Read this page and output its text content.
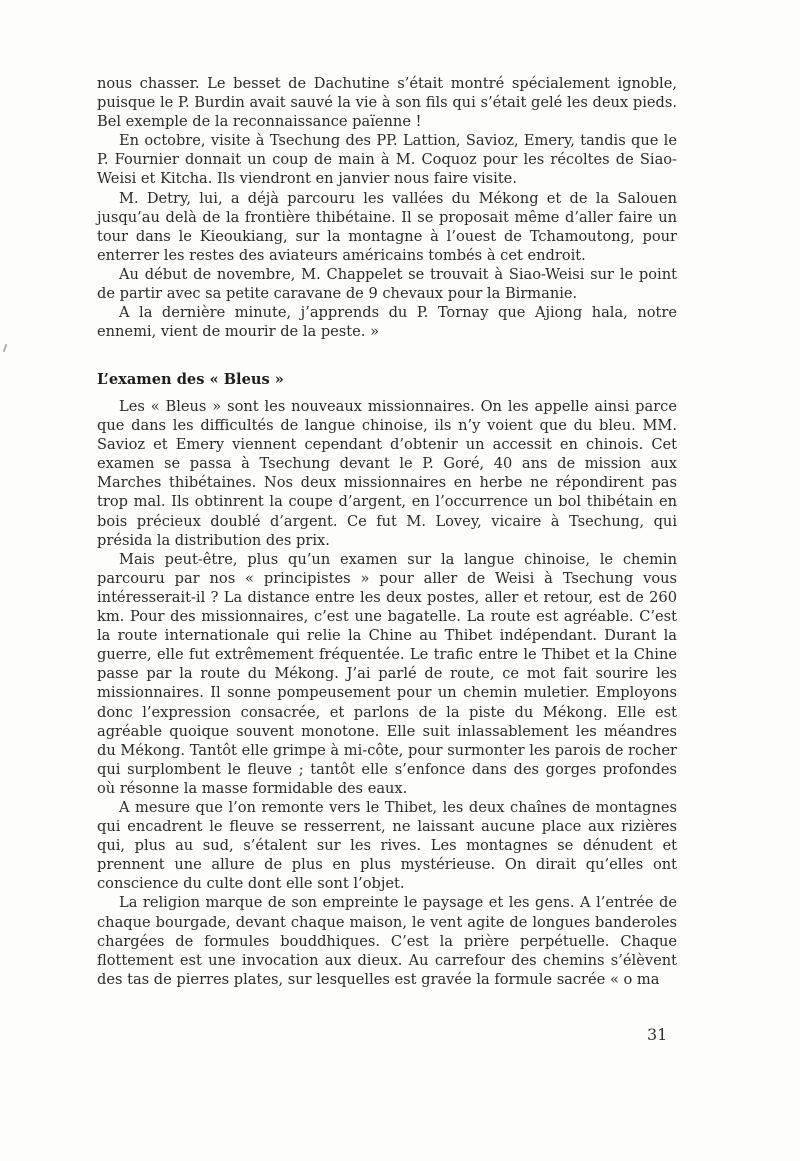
nous chasser. Le besset de Dachutine s’était montré spécialement ignoble, puisque le P. Burdin avait sauvé la vie à son fils qui s’était gelé les deux pieds. Bel exemple de la reconnaissance païenne !

En octobre, visite à Tsechung des PP. Lattion, Savioz, Emery, tandis que le P. Fournier donnait un coup de main à M. Coquoz pour les récoltes de Siao-Weisi et Kitcha. Ils viendront en janvier nous faire visite.

M. Detry, lui, a déjà parcouru les vallées du Mékong et de la Salouen jusqu’au delà de la frontière thibétaine. Il se proposait même d’aller faire un tour dans le Kieoukiang, sur la montagne à l’ouest de Tchamoutong, pour enterrer les restes des aviateurs américains tombés à cet endroit.

Au début de novembre, M. Chappelet se trouvait à Siao-Weisi sur le point de partir avec sa petite caravane de 9 chevaux pour la Birmanie.

A la dernière minute, j’apprends du P. Tornay que Ajiong hala, notre ennemi, vient de mourir de la peste. »

L’examen des « Bleus »

Les « Bleus » sont les nouveaux missionnaires. On les appelle ainsi parce que dans les difficultés de langue chinoise, ils n’y voient que du bleu. MM. Savioz et Emery viennent cependant d’obtenir un accessit en chinois. Cet examen se passa à Tsechung devant le P. Goré, 40 ans de mission aux Marches thibétaines. Nos deux missionnaires en herbe ne répondirent pas trop mal. Ils obtinrent la coupe d’argent, en l’occurrence un bol thibétain en bois précieux doublé d’argent. Ce fut M. Lovey, vicaire à Tsechung, qui présida la distribution des prix.

Mais peut-être, plus qu’un examen sur la langue chinoise, le chemin parcouru par nos « principistes » pour aller de Weisi à Tsechung vous intéresserait-il ? La distance entre les deux postes, aller et retour, est de 260 km. Pour des missionnaires, c’est une bagatelle. La route est agréable. C’est la route internationale qui relie la Chine au Thibet indépendant. Durant la guerre, elle fut extrêmement fréquentée. Le trafic entre le Thibet et la Chine passe par la route du Mékong. J’ai parlé de route, ce mot fait sourire les missionnaires. Il sonne pompeusement pour un chemin muletier. Employons donc l’expression consacrée, et parlons de la piste du Mékong. Elle est agréable quoique souvent monotone. Elle suit inlassablement les méandres du Mékong. Tantôt elle grimpe à mi-côte, pour surmonter les parois de rocher qui surplombent le fleuve ; tantôt elle s’enfonce dans des gorges profondes où résonne la masse formidable des eaux.

A mesure que l’on remonte vers le Thibet, les deux chaînes de montagnes qui encadrent le fleuve se resserrent, ne laissant aucune place aux rizières qui, plus au sud, s’étalent sur les rives. Les montagnes se dénudent et prennent une allure de plus en plus mystérieuse. On dirait qu’elles ont conscience du culte dont elle sont l’objet.

La religion marque de son empreinte le paysage et les gens. A l’entrée de chaque bourgade, devant chaque maison, le vent agite de longues banderoles chargées de formules bouddhiques. C’est la prière perpétuelle. Chaque flottement est une invocation aux dieux. Au carrefour des chemins s’élèvent des tas de pierres plates, sur lesquelles est gravée la formule sacrée « o ma

31
